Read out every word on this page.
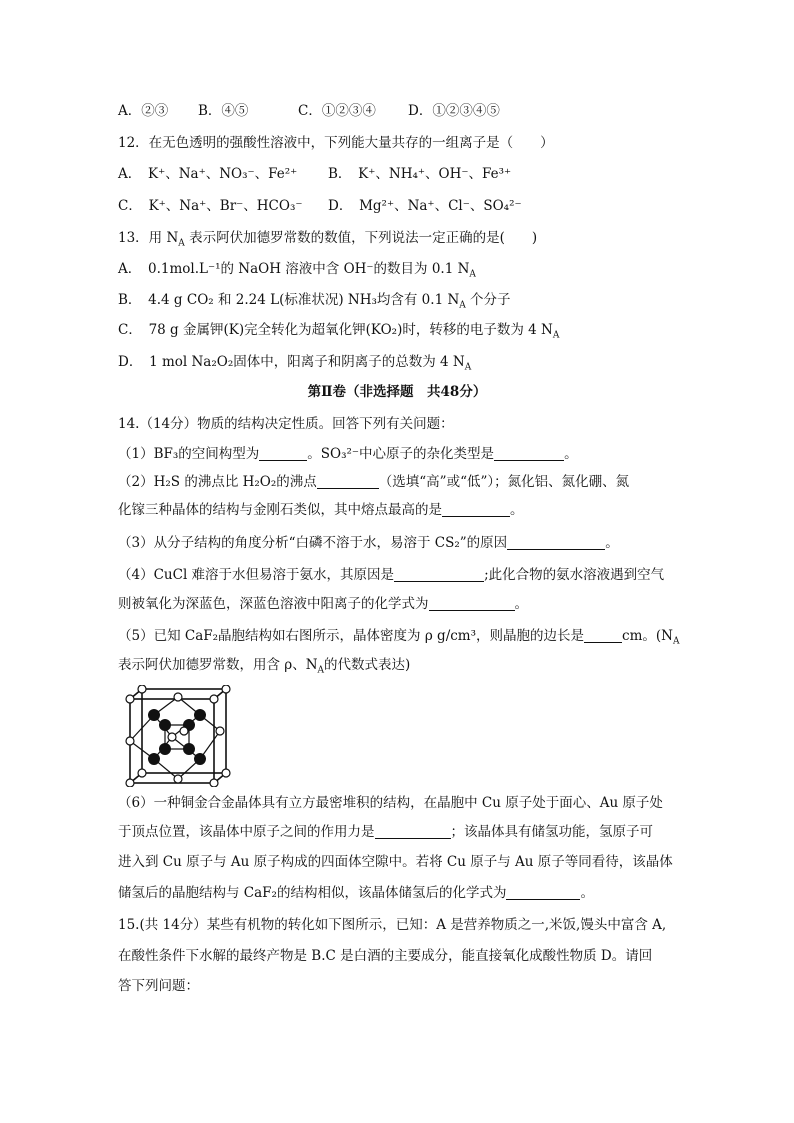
A．②③ B．④⑤	C．①②③④ D．①②③④⑤
12．在无色透明的强酸性溶液中，下列能大量共存的一组离子是（　　）
A．　K⁺、Na⁺、NO₃⁻、Fe²⁺ B．　K⁺、NH₄⁺、OH⁻、Fe³⁺
C．　K⁺、Na⁺、Br⁻、HCO₃⁻ D．　Mg²⁺、Na⁺、Cl⁻、SO₄²⁻
13．用 $N_A$ 表示阿伏加德罗常数的数值，下列说法一定正确的是(　　)
A．　0.1mol.L⁻¹的 NaOH 溶液中含 OH⁻的数目为 0.1 $N_A$
B．　4.4 g CO₂ 和 2.24 L(标准状况) NH₃均含有 0.1 $N_A$ 个分子
C．　78 g 金属钾(K)完全转化为超氧化钾(KO₂)时，转移的电子数为 4 $N_A$
D．　1 mol Na₂O₂固体中，阳离子和阴离子的总数为 4 $N_A$
第Ⅱ卷（非选择题　共48分）
14.（14分）物质的结构决定性质。回答下列有关问题：
（1）BF₃的空间构型为	。SO₃²⁻中心原子的杂化类型是	。
（2）H₂S 的沸点比 H₂O₂的沸点	（选填“高”或“低”）；氮化铝、氮化硼、氮
化镓三种晶体的结构与金刚石类似，其中熔点最高的是	。
（3）从分子结构的角度分析“白磷不溶于水，易溶于 CS₂”的原因	。
（4）CuCl 难溶于水但易溶于氨水，其原因是	;此化合物的氨水溶液遇到空气
则被氧化为深蓝色，深蓝色溶液中阳离子的化学式为	。
（5）已知 CaF₂晶胞结构如右图所示，晶体密度为 ρ g/cm³，则晶胞的边长是	cm。($N_A$
表示阿伏加德罗常数，用含 ρ、$N_A$的代数式表达)
（6）一种铜金合金晶体具有立方最密堆积的结构，在晶胞中 Cu 原子处于面心、Au 原子处
于顶点位置，该晶体中原子之间的作用力是	；该晶体具有储氢功能，氢原子可
进入到 Cu 原子与 Au 原子构成的四面体空隙中。若将 Cu 原子与 Au 原子等同看待，该晶体
储氢后的晶胞结构与 CaF₂的结构相似，该晶体储氢后的化学式为	。
15.(共 14分）某些有机物的转化如下图所示，已知：A 是营养物质之一,米饭,馒头中富含 A,
在酸性条件下水解的最终产物是 B.C 是白酒的主要成分，能直接氧化成酸性物质 D。请回
答下列问题：
